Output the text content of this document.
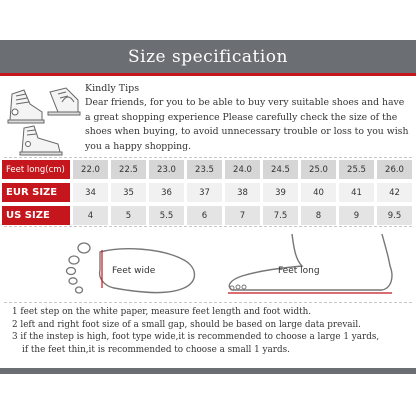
Size specification
Kindly Tips
Dear friends, for you to be able to buy very suitable shoes and have a great shopping experience Please carefully check the size of the shoes when buying, to avoid unnecessary trouble or loss to you wish you a happy shopping.
Feet long(cm)	22.0	22.5	23.0	23.5	24.0	24.5	25.0	25.5	26.0
EUR SIZE	34	35	36	37	38	39	40	41	42
US SIZE	4	5	5.5	6	7	7.5	8	9	9.5
Feet wide	Feet long
1 feet step on the white paper, measure feet length and foot width.
2 left and right foot size of a small gap, should be based on large data prevail.
3 if the instep is high, foot type wide,it is recommended to choose a large 1 yards,
if the feet thin,it is recommended to choose a small 1 yards.
